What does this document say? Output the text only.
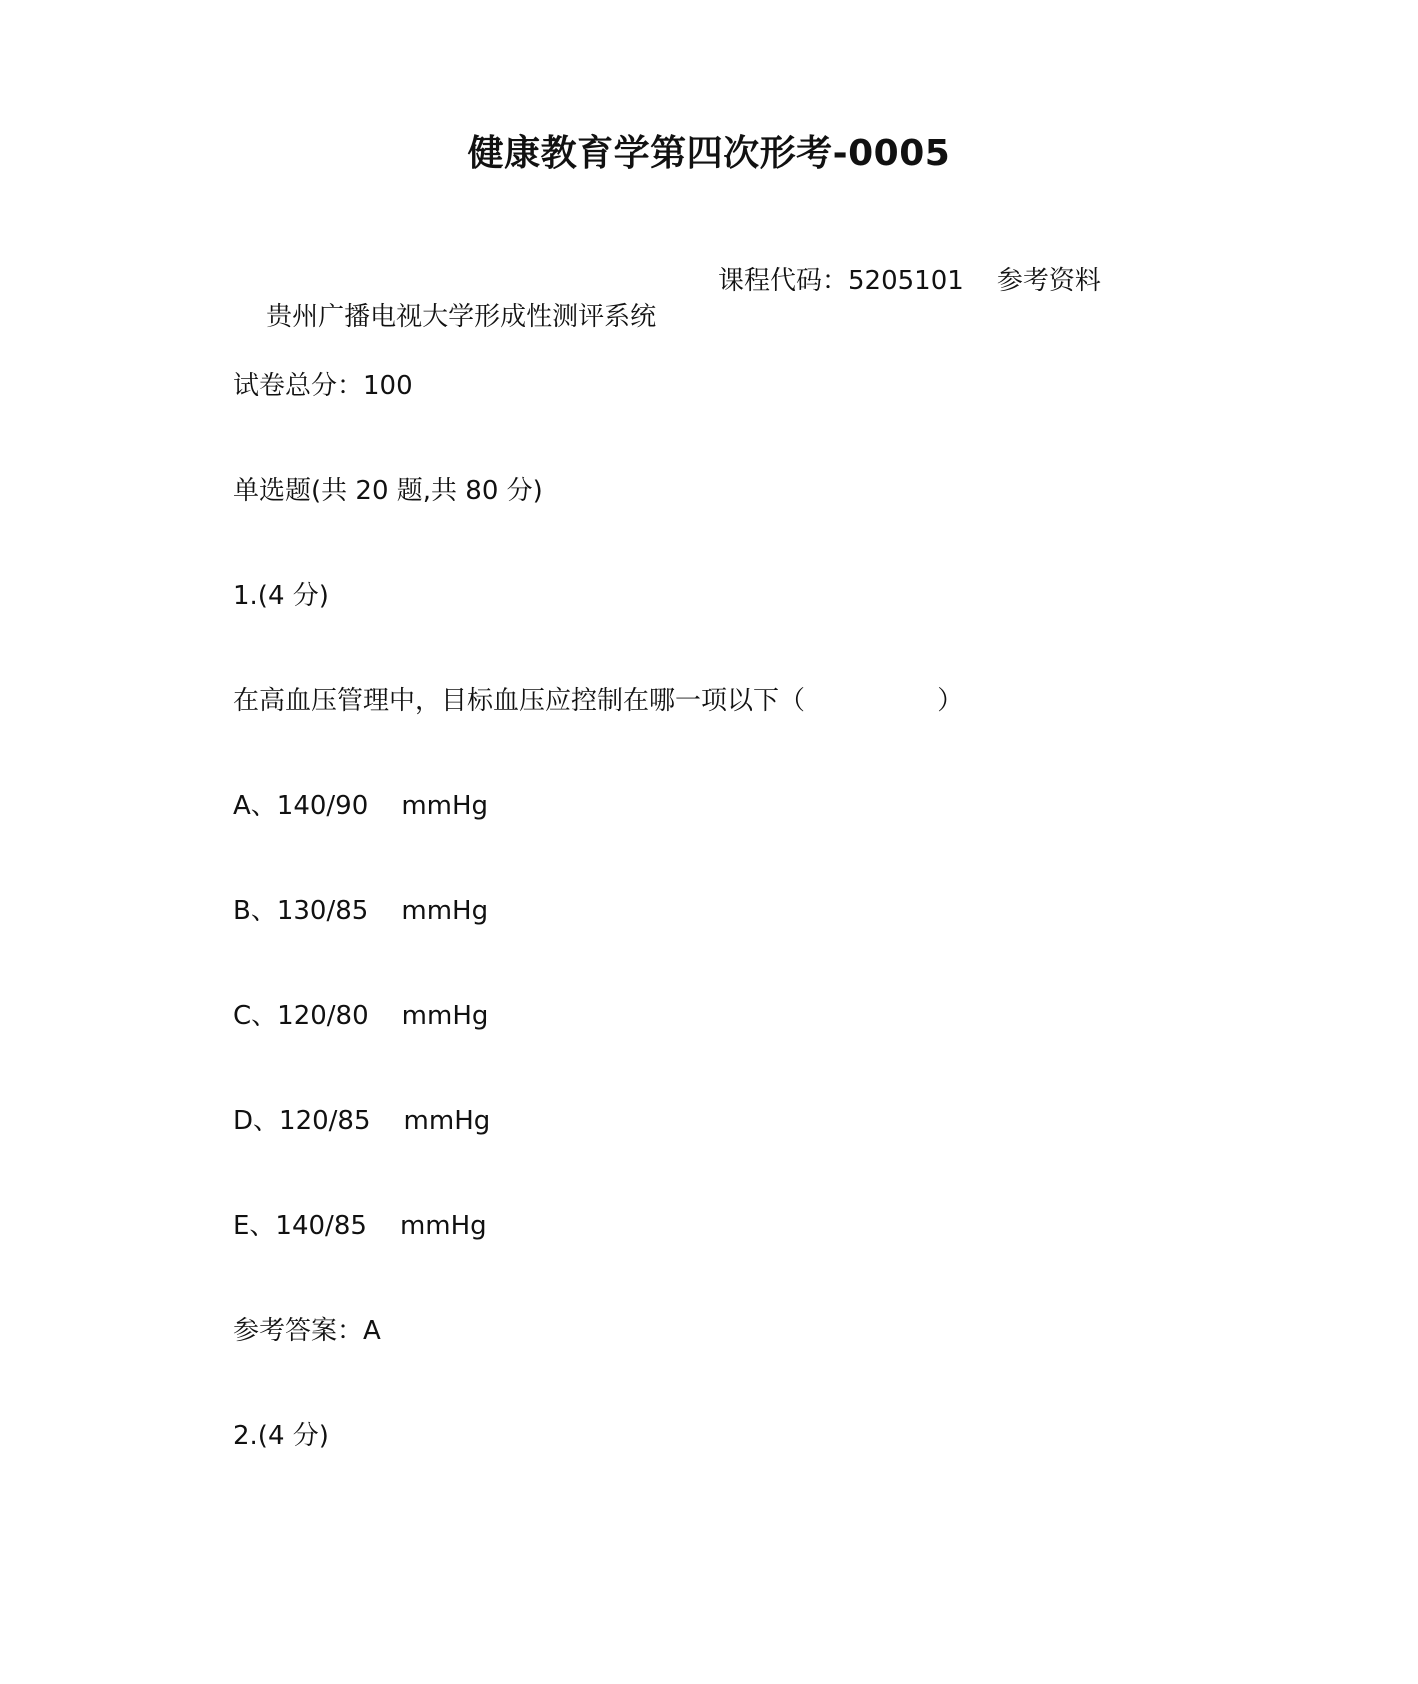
健康教育学第四次形考-0005

贵州广播电视大学形成性测评系统

课程代码：5205101    参考资料

试卷总分：100
单选题(共 20 题,共 80 分)
1.(4 分)
在高血压管理中，目标血压应控制在哪一项以下（                ）
A、140/90    mmHg
B、130/85    mmHg
C、120/80    mmHg
D、120/85    mmHg
E、140/85    mmHg
参考答案：A
2.(4 分)
